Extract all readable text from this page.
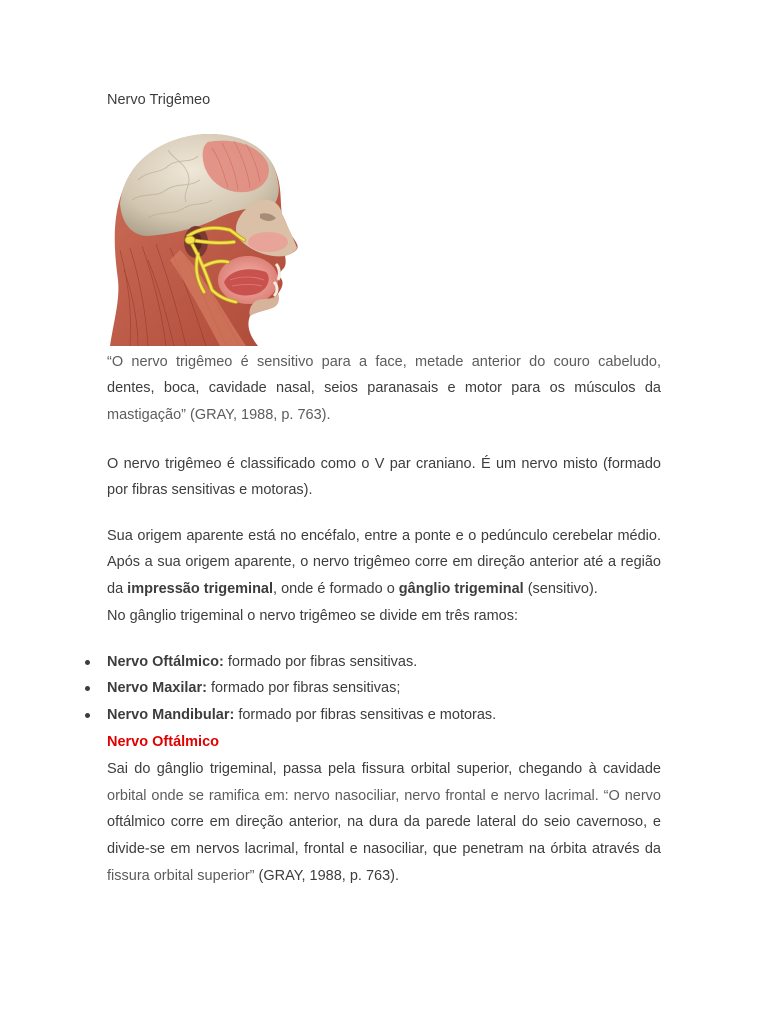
Nervo Trigêmeo
“O nervo trigêmeo é sensitivo para a face, metade anterior do couro cabeludo,
dentes, boca, cavidade nasal, seios paranasais e motor para os músculos da
mastigação” (GRAY, 1988, p. 763).
O nervo trigêmeo é classificado como o V par craniano. É um nervo misto (formado
por fibras sensitivas e motoras).
Sua origem aparente está no encéfalo, entre a ponte e o pedúnculo cerebelar médio.
Após a sua origem aparente, o nervo trigêmeo corre em direção anterior até a região
da impressão trigeminal, onde é formado o gânglio trigeminal (sensitivo).
No gânglio trigeminal o nervo trigêmeo se divide em três ramos:
Nervo Oftálmico: formado por fibras sensitivas.
Nervo Maxilar: formado por fibras sensitivas;
Nervo Mandibular: formado por fibras sensitivas e motoras.
Nervo Oftálmico
Sai do gânglio trigeminal, passa pela fissura orbital superior, chegando à cavidade
orbital onde se ramifica em: nervo nasociliar, nervo frontal e nervo lacrimal. “O nervo
oftálmico corre em direção anterior, na dura da parede lateral do seio cavernoso, e
divide-se em nervos lacrimal, frontal e nasociliar, que penetram na órbita através da
fissura orbital superior” (GRAY, 1988, p. 763).
